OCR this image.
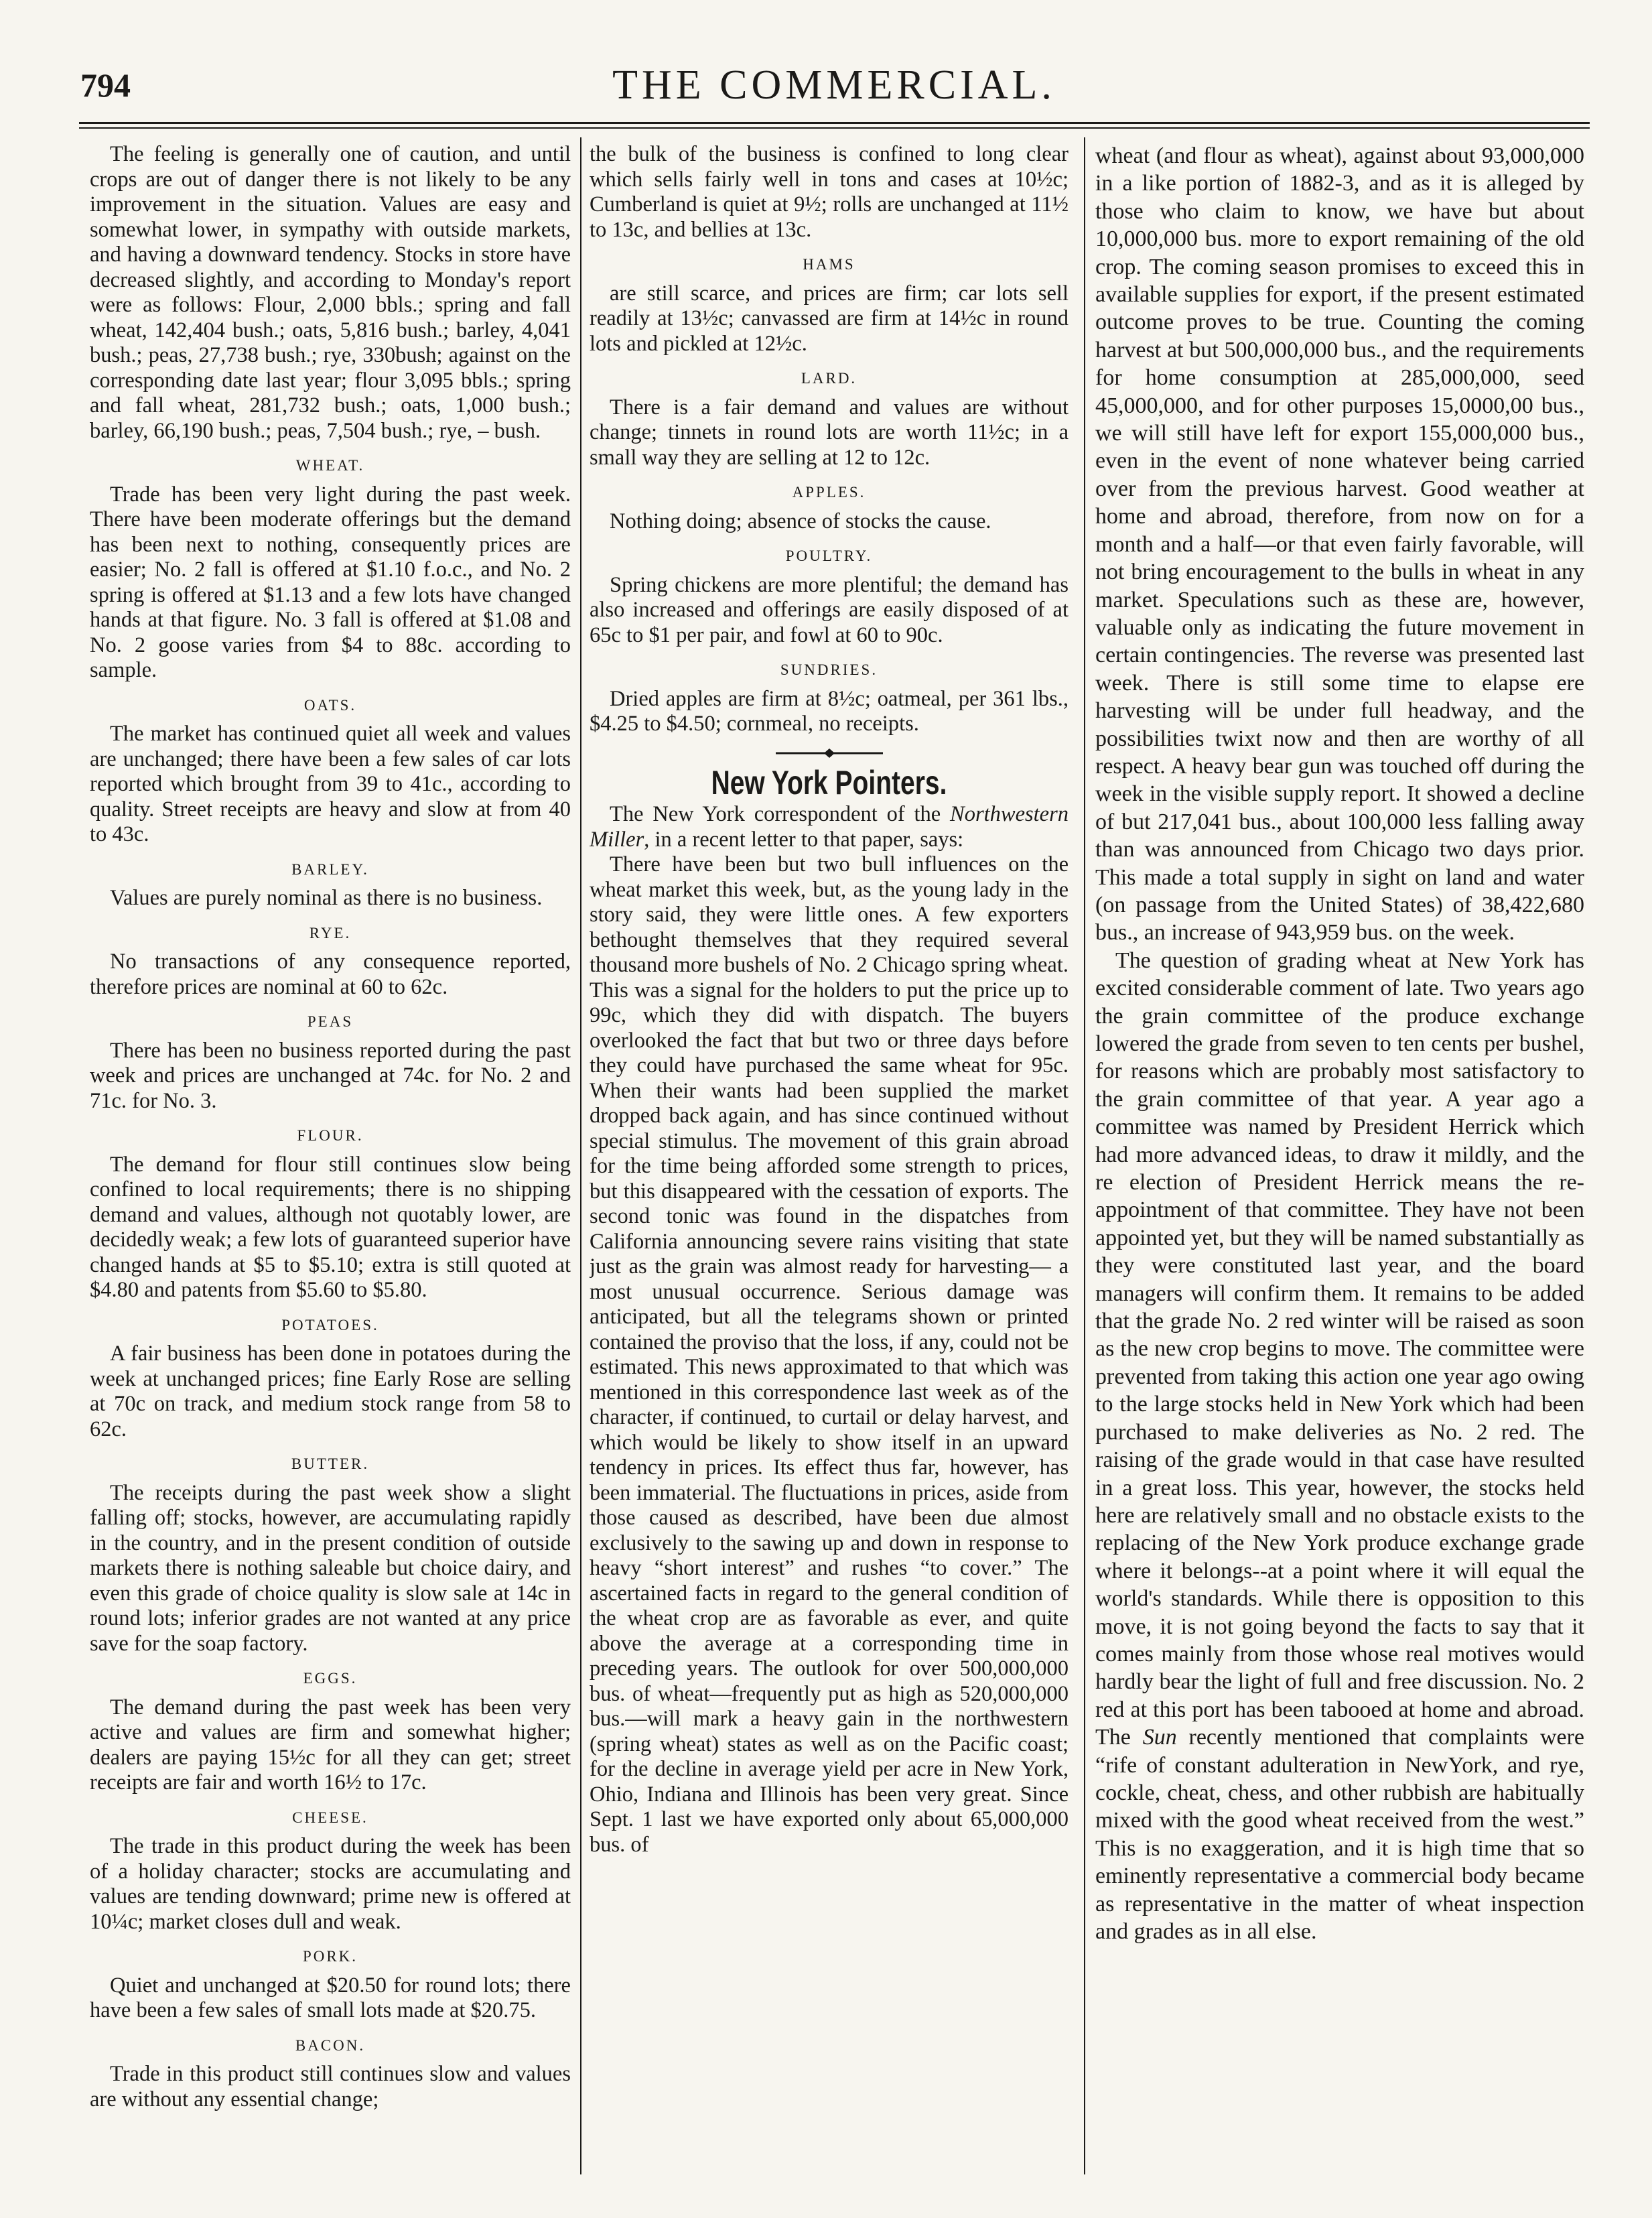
794	THE COMMERCIAL.

The feeling is generally one of caution, and until crops are out of danger there is not likely to be any improvement in the situation. Values are easy and somewhat lower, in sympathy with outside markets, and having a downward tendency. Stocks in store have decreased slightly, and according to Monday's report were as follows: Flour, 2,000 bbls.; spring and fall wheat, 142,404 bush.; oats, 5,816 bush.; barley, 4,041 bush.; peas, 27,738 bush.; rye, 330bush; against on the corresponding date last year; flour 3,095 bbls.; spring and fall wheat, 281,732 bush.; oats, 1,000 bush.; barley, 66,190 bush.; peas, 7,504 bush.; rye, – bush.

WHEAT.

Trade has been very light during the past week. There have been moderate offerings but the demand has been next to nothing, consequently prices are easier; No. 2 fall is offered at $1.10 f.o.c., and No. 2 spring is offered at $1.13 and a few lots have changed hands at that figure. No. 3 fall is offered at $1.08 and No. 2 goose varies from $4 to 88c. according to sample.

OATS.

The market has continued quiet all week and values are unchanged; there have been a few sales of car lots reported which brought from 39 to 41c., according to quality. Street receipts are heavy and slow at from 40 to 43c.

BARLEY.

Values are purely nominal as there is no business.

RYE.

No transactions of any consequence reported, therefore prices are nominal at 60 to 62c.

PEAS

There has been no business reported during the past week and prices are unchanged at 74c. for No. 2 and 71c. for No. 3.

FLOUR.

The demand for flour still continues slow being confined to local requirements; there is no shipping demand and values, although not quotably lower, are decidedly weak; a few lots of guaranteed superior have changed hands at $5 to $5.10; extra is still quoted at $4.80 and patents from $5.60 to $5.80.

POTATOES.

A fair business has been done in potatoes during the week at unchanged prices; fine Early Rose are selling at 70c on track, and medium stock range from 58 to 62c.

BUTTER.

The receipts during the past week show a slight falling off; stocks, however, are accumulating rapidly in the country, and in the present condition of outside markets there is nothing saleable but choice dairy, and even this grade of choice quality is slow sale at 14c in round lots; inferior grades are not wanted at any price save for the soap factory.

EGGS.

The demand during the past week has been very active and values are firm and somewhat higher; dealers are paying 15½c for all they can get; street receipts are fair and worth 16½ to 17c.

CHEESE.

The trade in this product during the week has been of a holiday character; stocks are accumulating and values are tending downward; prime new is offered at 10¼c; market closes dull and weak.

PORK.

Quiet and unchanged at $20.50 for round lots; there have been a few sales of small lots made at $20.75.

BACON.

Trade in this product still continues slow and values are without any essential change;

the bulk of the business is confined to long clear which sells fairly well in tons and cases at 10½c; Cumberland is quiet at 9½; rolls are unchanged at 11½ to 13c, and bellies at 13c.

HAMS

are still scarce, and prices are firm; car lots sell readily at 13½c; canvassed are firm at 14½c in round lots and pickled at 12½c.

LARD.

There is a fair demand and values are without change; tinnets in round lots are worth 11½c; in a small way they are selling at 12 to 12c.

APPLES.

Nothing doing; absence of stocks the cause.

POULTRY.

Spring chickens are more plentiful; the demand has also increased and offerings are easily disposed of at 65c to $1 per pair, and fowl at 60 to 90c.

SUNDRIES.

Dried apples are firm at 8½c; oatmeal, per 361 lbs., $4.25 to $4.50; cornmeal, no receipts.

New York Pointers.

The New York correspondent of the Northwestern Miller, in a recent letter to that paper, says:

There have been but two bull influences on the wheat market this week, but, as the young lady in the story said, they were little ones. A few exporters bethought themselves that they required several thousand more bushels of No. 2 Chicago spring wheat. This was a signal for the holders to put the price up to 99c, which they did with dispatch. The buyers overlooked the fact that but two or three days before they could have purchased the same wheat for 95c. When their wants had been supplied the market dropped back again, and has since continued without special stimulus. The movement of this grain abroad for the time being afforded some strength to prices, but this disappeared with the cessation of exports. The second tonic was found in the dispatches from California announcing severe rains visiting that state just as the grain was almost ready for harvesting— a most unusual occurrence. Serious damage was anticipated, but all the telegrams shown or printed contained the proviso that the loss, if any, could not be estimated. This news approximated to that which was mentioned in this correspondence last week as of the character, if continued, to curtail or delay harvest, and which would be likely to show itself in an upward tendency in prices. Its effect thus far, however, has been immaterial. The fluctuations in prices, aside from those caused as described, have been due almost exclusively to the sawing up and down in response to heavy “short interest” and rushes “to cover.” The ascertained facts in regard to the general condition of the wheat crop are as favorable as ever, and quite above the average at a corresponding time in preceding years. The outlook for over 500,000,000 bus. of wheat—frequently put as high as 520,000,000 bus.—will mark a heavy gain in the northwestern (spring wheat) states as well as on the Pacific coast; for the decline in average yield per acre in New York, Ohio, Indiana and Illinois has been very great. Since Sept. 1 last we have exported only about 65,000,000 bus. of

wheat (and flour as wheat), against about 93,000,000 in a like portion of 1882-3, and as it is alleged by those who claim to know, we have but about 10,000,000 bus. more to export remaining of the old crop. The coming season promises to exceed this in available supplies for export, if the present estimated outcome proves to be true. Counting the coming harvest at but 500,000,000 bus., and the requirements for home consumption at 285,000,000, seed 45,000,000, and for other purposes 15,0000,00 bus., we will still have left for export 155,000,000 bus., even in the event of none whatever being carried over from the previous harvest. Good weather at home and abroad, therefore, from now on for a month and a half—or that even fairly favorable, will not bring encouragement to the bulls in wheat in any market. Speculations such as these are, however, valuable only as indicating the future movement in certain contingencies. The reverse was presented last week. There is still some time to elapse ere harvesting will be under full headway, and the possibilities twixt now and then are worthy of all respect. A heavy bear gun was touched off during the week in the visible supply report. It showed a decline of but 217,041 bus., about 100,000 less falling away than was announced from Chicago two days prior. This made a total supply in sight on land and water (on passage from the United States) of 38,422,680 bus., an increase of 943,959 bus. on the week.

The question of grading wheat at New York has excited considerable comment of late. Two years ago the grain committee of the produce exchange lowered the grade from seven to ten cents per bushel, for reasons which are probably most satisfactory to the grain committee of that year. A year ago a committee was named by President Herrick which had more advanced ideas, to draw it mildly, and the re election of President Herrick means the re-appointment of that committee. They have not been appointed yet, but they will be named substantially as they were constituted last year, and the board managers will confirm them. It remains to be added that the grade No. 2 red winter will be raised as soon as the new crop begins to move. The committee were prevented from taking this action one year ago owing to the large stocks held in New York which had been purchased to make deliveries as No. 2 red. The raising of the grade would in that case have resulted in a great loss. This year, however, the stocks held here are relatively small and no obstacle exists to the replacing of the New York produce exchange grade where it belongs--at a point where it will equal the world's standards. While there is opposition to this move, it is not going beyond the facts to say that it comes mainly from those whose real motives would hardly bear the light of full and free discussion. No. 2 red at this port has been tabooed at home and abroad. The Sun recently mentioned that complaints were “rife of constant adulteration in NewYork, and rye, cockle, cheat, chess, and other rubbish are habitually mixed with the good wheat received from the west.” This is no exaggeration, and it is high time that so eminently representative a commercial body became as representative in the matter of wheat inspection and grades as in all else.
